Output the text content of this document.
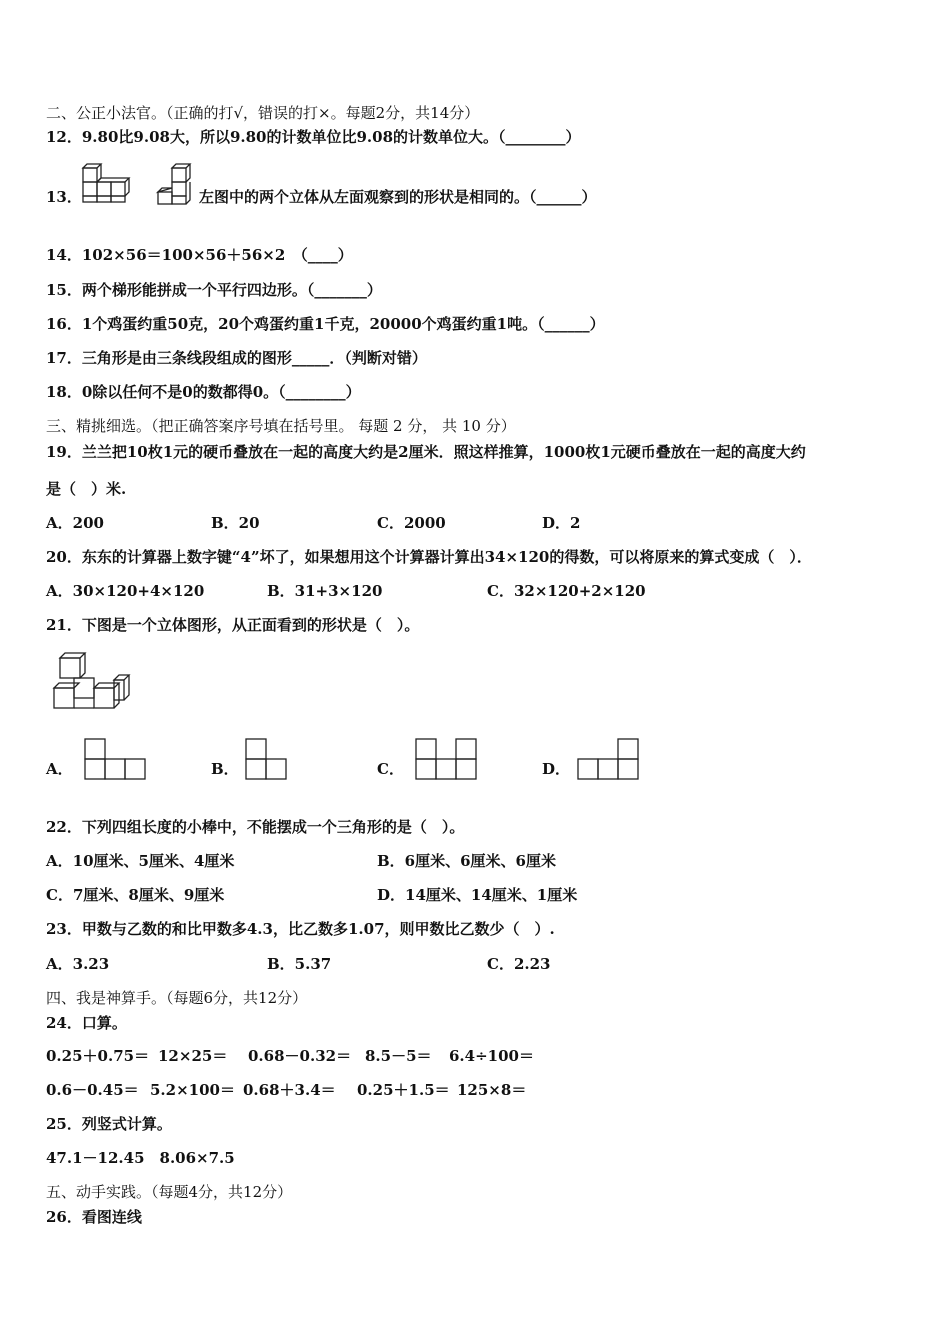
二、公正小法官。（正确的打√，错误的打×。每题2分，共14分）
12．9.80比9.08大，所以9.80的计数单位比9.08的计数单位大。（________）
13．	左图中的两个立体从左面观察到的形状是相同的。（______）
14．102×56＝100×56＋56×2　（____）
15．两个梯形能拼成一个平行四边形。（_______）
16．1个鸡蛋约重50克，20个鸡蛋约重1千克，20000个鸡蛋约重1吨。（______）
17．三角形是由三条线段组成的图形_____．（判断对错）
18．0除以任何不是0的数都得0。（________）
三、精挑细选。（把正确答案序号填在括号里。 每题 2 分， 共 10 分）
19．兰兰把10枚1元的硬币叠放在一起的高度大约是2厘米．照这样推算，1000枚1元硬币叠放在一起的高度大约
是（　）米.
A．200	B．20	C．2000	D．2
20．东东的计算器上数字键“4”坏了，如果想用这个计算器计算出34×120的得数，可以将原来的算式变成（　）．
A．30×120+4×120	B．31+3×120	C．32×120+2×120
21．下图是一个立体图形，从正面看到的形状是（　）。
A．	B．	C．	D．
22．下列四组长度的小棒中，不能摆成一个三角形的是（　）。
A．10厘米、5厘米、4厘米	B．6厘米、6厘米、6厘米
C．7厘米、8厘米、9厘米	D．14厘米、14厘米、1厘米
23．甲数与乙数的和比甲数多4.3，比乙数多1.07，则甲数比乙数少（　）.
A．3.23	B．5.37	C．2.23
四、我是神算手。（每题6分，共12分）
24．口算。
0.25＋0.75＝ 12×25＝ 0.68－0.32＝ 8.5－5＝ 6.4÷100＝
0.6－0.45＝ 5.2×100＝ 0.68＋3.4＝ 0.25＋1.5＝ 125×8＝
25．列竖式计算。
47.1－12.45　8.06×7.5
五、动手实践。（每题4分，共12分）
26．看图连线
